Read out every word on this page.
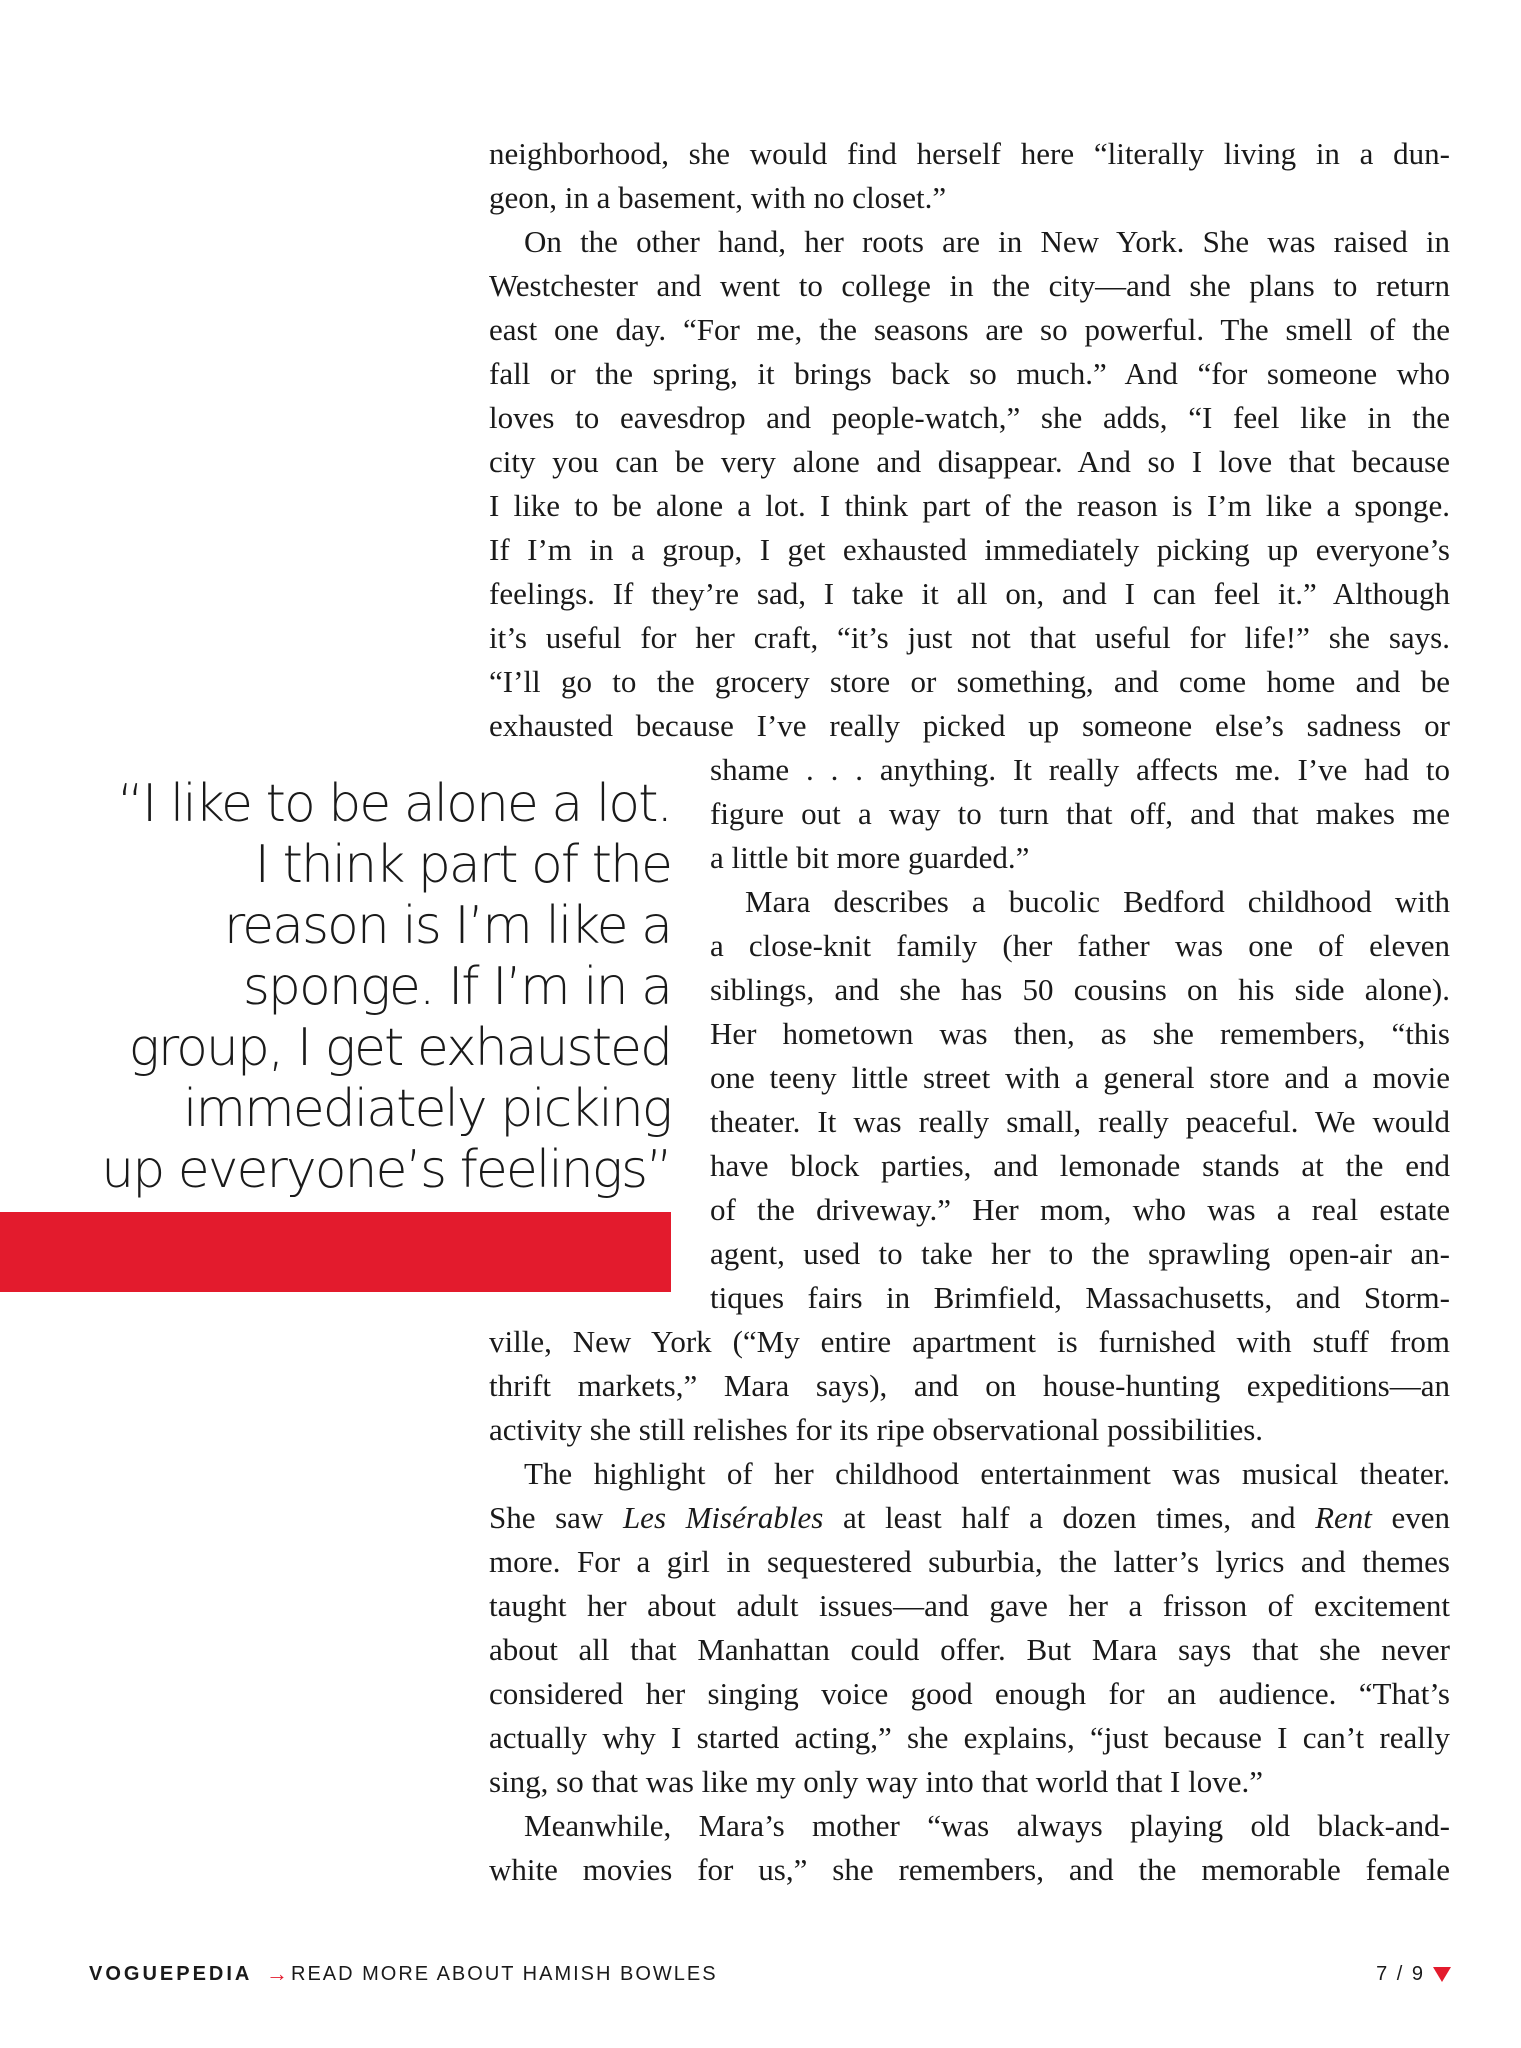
neighborhood, she would find herself here “literally living in a dun-
geon, in a basement, with no closet.”
On the other hand, her roots are in New York. She was raised in
Westchester and went to college in the city—and she plans to return
east one day. “For me, the seasons are so powerful. The smell of the
fall or the spring, it brings back so much.” And “for someone who
loves to eavesdrop and people-watch,” she adds, “I feel like in the
city you can be very alone and disappear. And so I love that because
I like to be alone a lot. I think part of the reason is I’m like a sponge.
If I’m in a group, I get exhausted immediately picking up everyone’s
feelings. If they’re sad, I take it all on, and I can feel it.” Although
it’s useful for her craft, “it’s just not that useful for life!” she says.
“I’ll go to the grocery store or something, and come home and be
exhausted because I’ve really picked up someone else’s sadness or
shame . . . anything. It really affects me. I’ve had to
figure out a way to turn that off, and that makes me
a little bit more guarded.”
Mara describes a bucolic Bedford childhood with
a close-knit family (her father was one of eleven
siblings, and she has 50 cousins on his side alone).
Her hometown was then, as she remembers, “this
one teeny little street with a general store and a movie
theater. It was really small, really peaceful. We would
have block parties, and lemonade stands at the end
of the driveway.” Her mom, who was a real estate
agent, used to take her to the sprawling open-air an-
tiques fairs in Brimfield, Massachusetts, and Storm-
ville, New York (“My entire apartment is furnished with stuff from
thrift markets,” Mara says), and on house-hunting expeditions—an
activity she still relishes for its ripe observational possibilities.
The highlight of her childhood entertainment was musical theater.
She saw Les Misérables at least half a dozen times, and Rent even
more. For a girl in sequestered suburbia, the latter’s lyrics and themes
taught her about adult issues—and gave her a frisson of excitement
about all that Manhattan could offer. But Mara says that she never
considered her singing voice good enough for an audience. “That’s
actually why I started acting,” she explains, “just because I can’t really
sing, so that was like my only way into that world that I love.”
Meanwhile, Mara’s mother “was always playing old black-and-
white movies for us,” she remembers, and the memorable female
“I like to be alone a lot.
I think part of the
reason is I’m like a
sponge. If I’m in a
group, I get exhausted
immediately picking
up everyone’s feelings”
VOGUEPEDIA → READ MORE ABOUT HAMISH BOWLES	7 / 9
